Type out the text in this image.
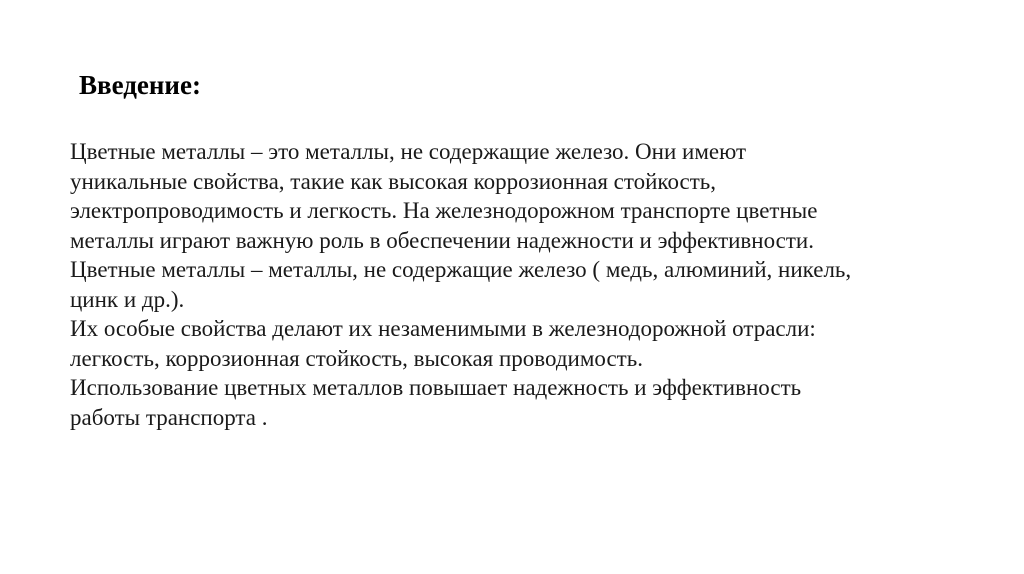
Введение:
Цветные металлы – это металлы, не содержащие железо. Они имеют
уникальные свойства, такие как высокая коррозионная стойкость,
электропроводимость и легкость. На железнодорожном транспорте цветные
металлы играют важную роль в обеспечении надежности и эффективности.
Цветные металлы – металлы, не содержащие железо ( медь, алюминий, никель,
цинк и др.).
Их особые свойства делают их незаменимыми в железнодорожной отрасли:
легкость, коррозионная стойкость, высокая проводимость.
Использование цветных металлов повышает надежность и эффективность
работы транспорта .
